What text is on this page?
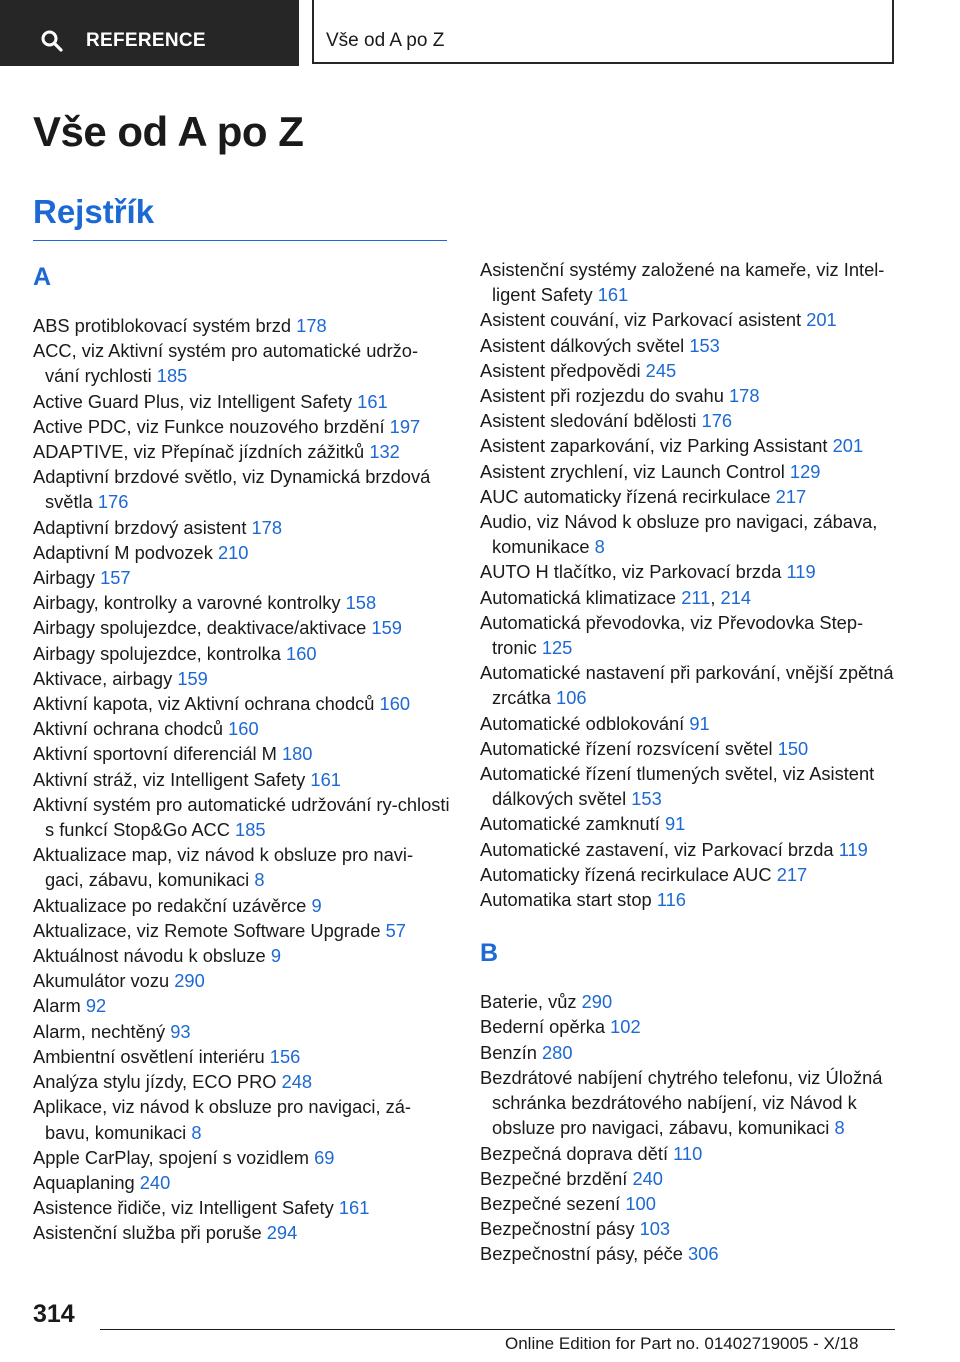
REFERENCE	Vše od A po Z
Vše od A po Z
Rejstřík
A
ABS protiblokovací systém brzd 178
ACC, viz Aktivní systém pro automatické udržo‐vání rychlosti 185
Active Guard Plus, viz Intelligent Safety 161
Active PDC, viz Funkce nouzového brzdění 197
ADAPTIVE, viz Přepínač jízdních zážitků 132
Adaptivní brzdové světlo, viz Dynamická brzdová světla 176
Adaptivní brzdový asistent 178
Adaptivní M podvozek 210
Airbagy 157
Airbagy, kontrolky a varovné kontrolky 158
Airbagy spolujezdce, deaktivace/aktivace 159
Airbagy spolujezdce, kontrolka 160
Aktivace, airbagy 159
Aktivní kapota, viz Aktivní ochrana chodců 160
Aktivní ochrana chodců 160
Aktivní sportovní diferenciál M 180
Aktivní stráž, viz Intelligent Safety 161
Aktivní systém pro automatické udržování ry‐chlosti s funkcí Stop&Go ACC 185
Aktualizace map, viz návod k obsluze pro navi‐gaci, zábavu, komunikaci 8
Aktualizace po redakční uzávěrce 9
Aktualizace, viz Remote Software Upgrade 57
Aktuálnost návodu k obsluze 9
Akumulátor vozu 290
Alarm 92
Alarm, nechtěný 93
Ambientní osvětlení interiéru 156
Analýza stylu jízdy, ECO PRO 248
Aplikace, viz návod k obsluze pro navigaci, zá‐bavu, komunikaci 8
Apple CarPlay, spojení s vozidlem 69
Aquaplaning 240
Asistence řidiče, viz Intelligent Safety 161
Asistenční služba při poruše 294
Asistenční systémy založené na kameře, viz Intel‐ligent Safety 161
Asistent couvání, viz Parkovací asistent 201
Asistent dálkových světel 153
Asistent předpovědi 245
Asistent při rozjezdu do svahu 178
Asistent sledování bdělosti 176
Asistent zaparkování, viz Parking Assistant 201
Asistent zrychlení, viz Launch Control 129
AUC automaticky řízená recirkulace 217
Audio, viz Návod k obsluze pro navigaci, zábava, komunikace 8
AUTO H tlačítko, viz Parkovací brzda 119
Automatická klimatizace 211, 214
Automatická převodovka, viz Převodovka Step‐tronic 125
Automatické nastavení při parkování, vnější zpětná zrcátka 106
Automatické odblokování 91
Automatické řízení rozsvícení světel 150
Automatické řízení tlumených světel, viz Asistent dálkových světel 153
Automatické zamknutí 91
Automatické zastavení, viz Parkovací brzda 119
Automaticky řízená recirkulace AUC 217
Automatika start stop 116
B
Baterie, vůz 290
Bederní opěrka 102
Benzín 280
Bezdrátové nabíjení chytrého telefonu, viz Úložná schránka bezdrátového nabíjení, viz Návod k obsluze pro navigaci, zábavu, komunikaci 8
Bezpečná doprava dětí 110
Bezpečné brzdění 240
Bezpečné sezení 100
Bezpečnostní pásy 103
Bezpečnostní pásy, péče 306
314
Online Edition for Part no. 01402719005 - X/18
